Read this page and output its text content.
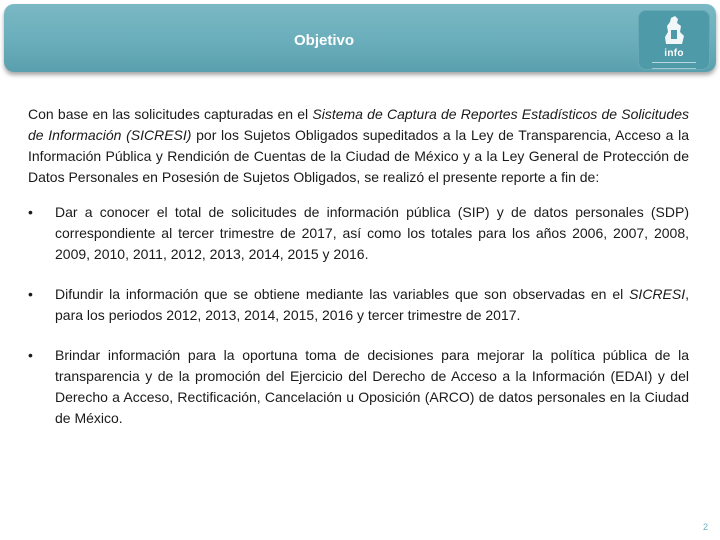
Objetivo
info

Con base en las solicitudes capturadas en el Sistema de Captura de Reportes Estadísticos de Solicitudes de Información (SICRESI) por los Sujetos Obligados supeditados a la Ley de Transparencia, Acceso a la Información Pública y Rendición de Cuentas de la Ciudad de México y a la Ley General de Protección de Datos Personales en Posesión de Sujetos Obligados, se realizó el presente reporte a fin de:

• Dar a conocer el total de solicitudes de información pública (SIP) y de datos personales (SDP) correspondiente al tercer trimestre de 2017, así como los totales para los años 2006, 2007, 2008, 2009, 2010, 2011, 2012, 2013, 2014, 2015 y 2016.
• Difundir la información que se obtiene mediante las variables que son observadas en el SICRESI, para los periodos 2012, 2013, 2014, 2015, 2016 y tercer trimestre de 2017.
• Brindar información para la oportuna toma de decisiones para mejorar la política pública de la transparencia y de la promoción del Ejercicio del Derecho de Acceso a la Información (EDAI) y del Derecho a Acceso, Rectificación, Cancelación u Oposición (ARCO) de datos personales en la Ciudad de México.
2
